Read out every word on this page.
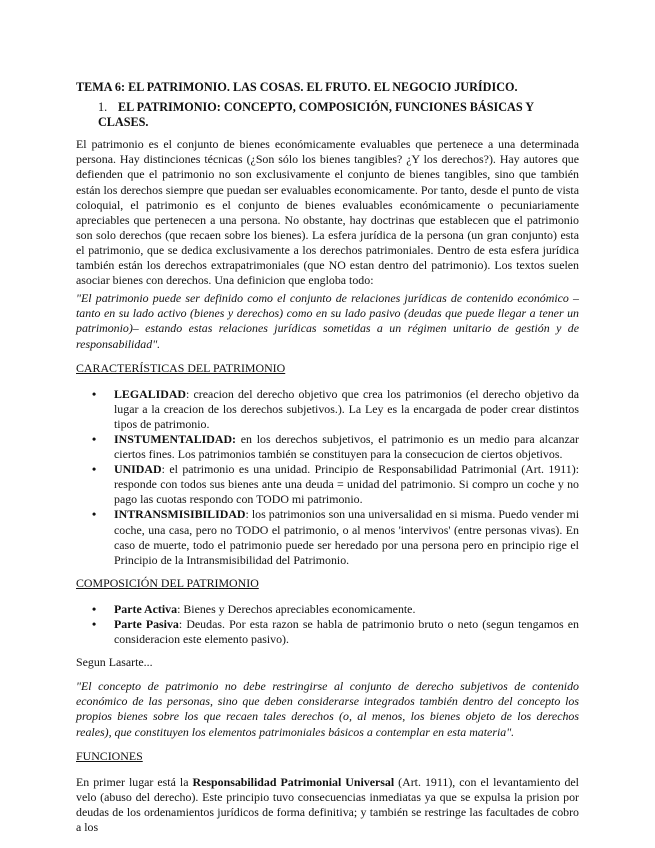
TEMA 6: EL PATRIMONIO. LAS COSAS. EL FRUTO. EL NEGOCIO JURÍDICO.
1. EL PATRIMONIO: CONCEPTO, COMPOSICIÓN, FUNCIONES BÁSICAS Y CLASES.

El patrimonio es el conjunto de bienes económicamente evaluables que pertenece a una determinada persona. Hay distinciones técnicas (¿Son sólo los bienes tangibles? ¿Y los derechos?). Hay autores que defienden que el patrimonio no son exclusivamente el conjunto de bienes tangibles, sino que también están los derechos siempre que puedan ser evaluables economicamente. Por tanto, desde el punto de vista coloquial, el patrimonio es el conjunto de bienes evaluables económicamente o pecuniariamente apreciables que pertenecen a una persona. No obstante, hay doctrinas que establecen que el patrimonio son solo derechos (que recaen sobre los bienes). La esfera jurídica de la persona (un gran conjunto) esta el patrimonio, que se dedica exclusivamente a los derechos patrimoniales. Dentro de esta esfera jurídica también están los derechos extrapatrimoniales (que NO estan dentro del patrimonio). Los textos suelen asociar bienes con derechos. Una definicion que engloba todo:

"El patrimonio puede ser definido como el conjunto de relaciones jurídicas de contenido económico –tanto en su lado activo (bienes y derechos) como en su lado pasivo (deudas que puede llegar a tener un patrimonio)– estando estas relaciones jurídicas sometidas a un régimen unitario de gestión y de responsabilidad".

CARACTERÍSTICAS DEL PATRIMONIO
• LEGALIDAD: creacion del derecho objetivo que crea los patrimonios (el derecho objetivo da lugar a la creacion de los derechos subjetivos.). La Ley es la encargada de poder crear distintos tipos de patrimonio.
• INSTUMENTALIDAD: en los derechos subjetivos, el patrimonio es un medio para alcanzar ciertos fines. Los patrimonios también se constituyen para la consecucion de ciertos objetivos.
• UNIDAD: el patrimonio es una unidad. Principio de Responsabilidad Patrimonial (Art. 1911): responde con todos sus bienes ante una deuda = unidad del patrimonio. Si compro un coche y no pago las cuotas respondo con TODO mi patrimonio.
• INTRANSMISIBILIDAD: los patrimonios son una universalidad en si misma. Puedo vender mi coche, una casa, pero no TODO el patrimonio, o al menos 'intervivos' (entre personas vivas). En caso de muerte, todo el patrimonio puede ser heredado por una persona pero en principio rige el Principio de la Intransmisibilidad del Patrimonio.
COMPOSICIÓN DEL PATRIMONIO
• Parte Activa: Bienes y Derechos apreciables economicamente.
• Parte Pasiva: Deudas. Por esta razon se habla de patrimonio bruto o neto (segun tengamos en consideracion este elemento pasivo).

Segun Lasarte...

"El concepto de patrimonio no debe restringirse al conjunto de derecho subjetivos de contenido económico de las personas, sino que deben considerarse integrados también dentro del concepto los propios bienes sobre los que recaen tales derechos (o, al menos, los bienes objeto de los derechos reales), que constituyen los elementos patrimoniales básicos a contemplar en esta materia".

FUNCIONES

En primer lugar está la Responsabilidad Patrimonial Universal (Art. 1911), con el levantamiento del velo (abuso del derecho). Este principio tuvo consecuencias inmediatas ya que se expulsa la prision por deudas de los ordenamientos jurídicos de forma definitiva; y también se restringe las facultades de cobro a los
